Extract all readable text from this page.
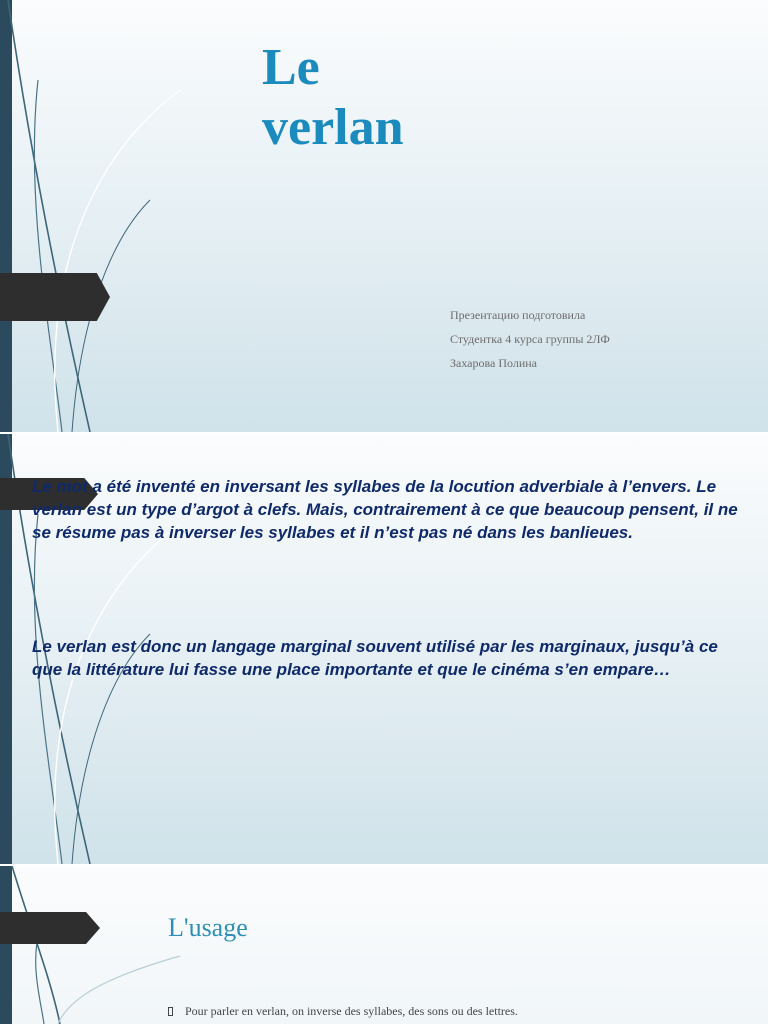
Le
verlan
Презентацию подготовила
Студентка 4 курса группы 2ЛФ
Захарова Полина

Le mot a été inventé en inversant les syllabes de la locution adverbiale à l’envers. Le verlan est un type d’argot à clefs. Mais, contrairement à ce que beaucoup pensent, il ne se résume pas à inverser les syllabes et il n’est pas né dans les banlieues.

Le verlan est donc un langage marginal souvent utilisé par les marginaux, jusqu’à ce que la littérature lui fasse une place importante et que le cinéma s’en empare…

L'usage
Pour parler en verlan, on inverse des syllabes, des sons ou des lettres.
